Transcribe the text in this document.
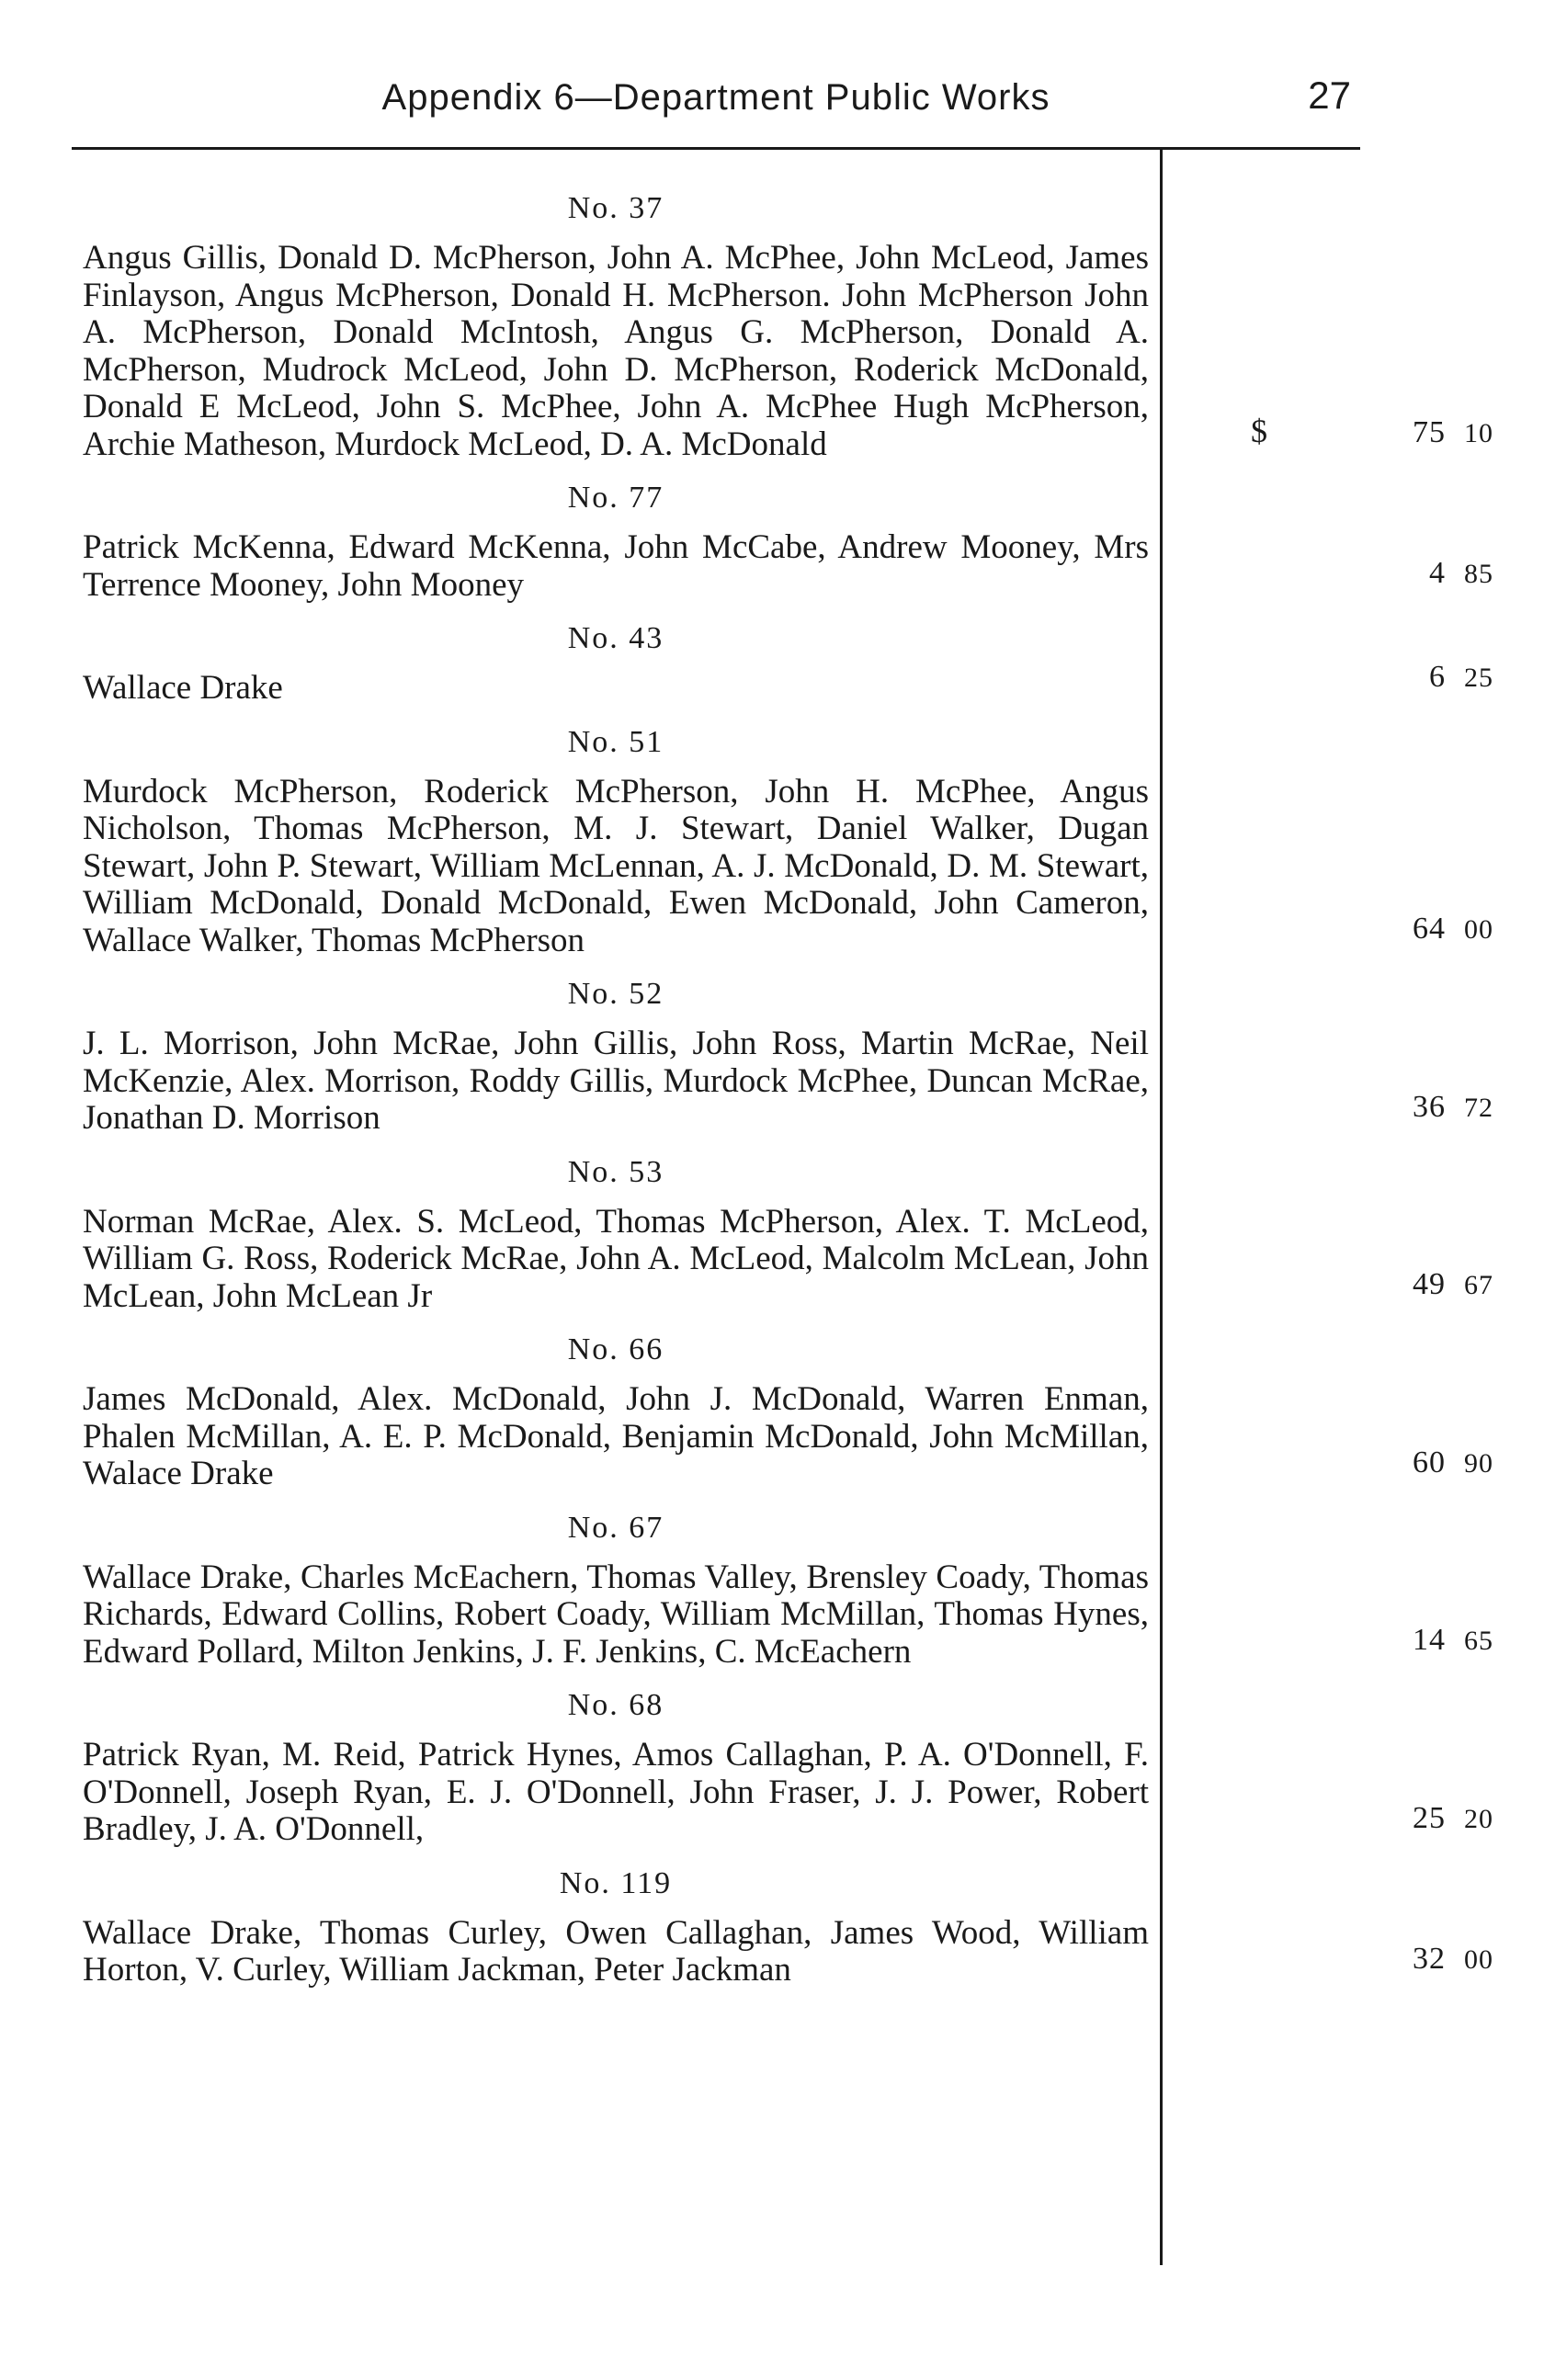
Appendix 6—Department Public Works	27
No. 37
Angus Gillis, Donald D. McPherson, John A. McPhee, John McLeod, James Finlayson, Angus McPherson, Donald H. McPherson. John McPherson John A. McPherson, Donald McIntosh, Angus G. McPherson, Donald A. McPherson, Mudrock McLeod, John D. McPherson, Roderick McDonald, Donald E McLeod, John S. McPhee, John A. McPhee Hugh McPherson, Archie Matheson, Murdock McLeod, D. A. McDonald	$	75 10
No. 77
Patrick McKenna, Edward McKenna, John McCabe, Andrew Mooney, Mrs Terrence Mooney, John Mooney	4 85
No. 43
Wallace Drake	6 25
No. 51
Murdock McPherson, Roderick McPherson, John H. McPhee, Angus Nicholson, Thomas McPherson, M. J. Stewart, Daniel Walker, Dugan Stewart, John P. Stewart, William McLennan, A. J. McDonald, D. M. Stewart, William McDonald, Donald McDonald, Ewen McDonald, John Cameron, Wallace Walker, Thomas McPherson	64 00
No. 52
J. L. Morrison, John McRae, John Gillis, John Ross, Martin McRae, Neil McKenzie, Alex. Morrison, Roddy Gillis, Murdock McPhee, Duncan McRae, Jonathan D. Morrison	36 72
No. 53
Norman McRae, Alex. S. McLeod, Thomas McPherson, Alex. T. McLeod, William G. Ross, Roderick McRae, John A. McLeod, Malcolm McLean, John McLean, John McLean Jr	49 67
No. 66
James McDonald, Alex. McDonald, John J. McDonald, Warren Enman, Phalen McMillan, A. E. P. McDonald, Benjamin McDonald, John McMillan, Walace Drake	60 90
No. 67
Wallace Drake, Charles McEachern, Thomas Valley, Brensley Coady, Thomas Richards, Edward Collins, Robert Coady, William McMillan, Thomas Hynes, Edward Pollard, Milton Jenkins, J. F. Jenkins, C. McEachern	14 65
No. 68
Patrick Ryan, M. Reid, Patrick Hynes, Amos Callaghan, P. A. O'Donnell, F. O'Donnell, Joseph Ryan, E. J. O'Donnell, John Fraser, J. J. Power, Robert Bradley, J. A. O'Donnell,	25 20
No. 119
Wallace Drake, Thomas Curley, Owen Callaghan, James Wood, William Horton, V. Curley, William Jackman, Peter Jackman	32 00
